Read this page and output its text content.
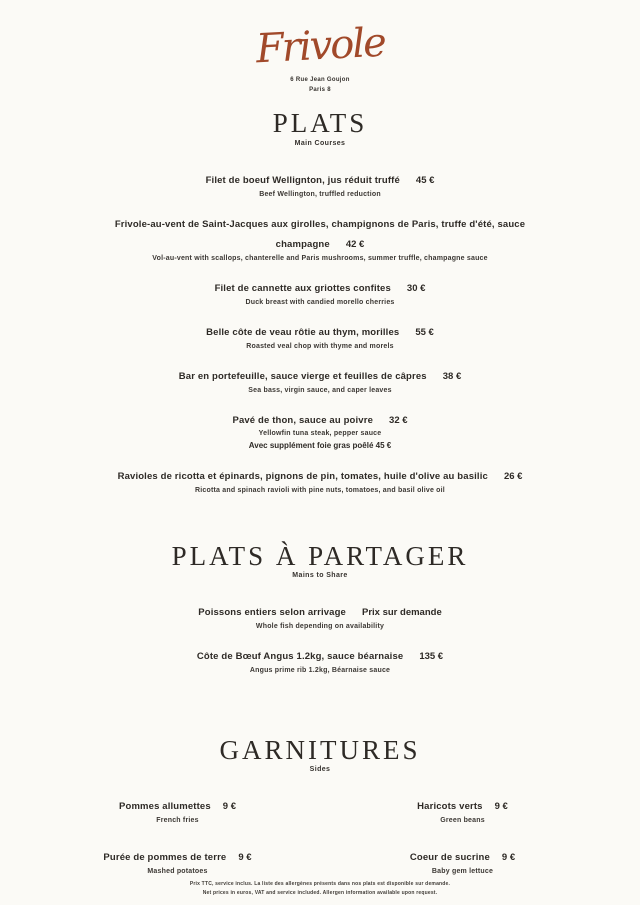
Frivole
6 Rue Jean Goujon
Paris 8
PLATS
Main Courses
Filet de boeuf Wellignton, jus réduit truffé 45 €
Beef Wellington, truffled reduction
Frivole-au-vent de Saint-Jacques aux girolles, champignons de Paris, truffe d'été, sauce champagne 42 €
Vol-au-vent with scallops, chanterelle and Paris mushrooms, summer truffle, champagne sauce
Filet de cannette aux griottes confites 30 €
Duck breast with candied morello cherries
Belle côte de veau rôtie au thym, morilles 55 €
Roasted veal chop with thyme and morels
Bar en portefeuille, sauce vierge et feuilles de câpres 38 €
Sea bass, virgin sauce, and caper leaves
Pavé de thon, sauce au poivre 32 €
Yellowfin tuna steak, pepper sauce
Avec supplément foie gras poêlé 45 €
Ravioles de ricotta et épinards, pignons de pin, tomates, huile d'olive au basilic 26 €
Ricotta and spinach ravioli with pine nuts, tomatoes, and basil olive oil
PLATS À PARTAGER
Mains to Share
Poissons entiers selon arrivage Prix sur demande
Whole fish depending on availability
Côte de Bœuf Angus 1.2kg, sauce béarnaise 135 €
Angus prime rib 1.2kg, Béarnaise sauce
GARNITURES
Sides
Pommes allumettes 9 €
French fries
Haricots verts 9 €
Green beans
Purée de pommes de terre 9 €
Mashed potatoes
Coeur de sucrine 9 €
Baby gem lettuce
Prix TTC, service inclus. La liste des allergènes présents dans nos plats est disponible sur demande.
Net prices in euros, VAT and service included. Allergen information available upon request.
